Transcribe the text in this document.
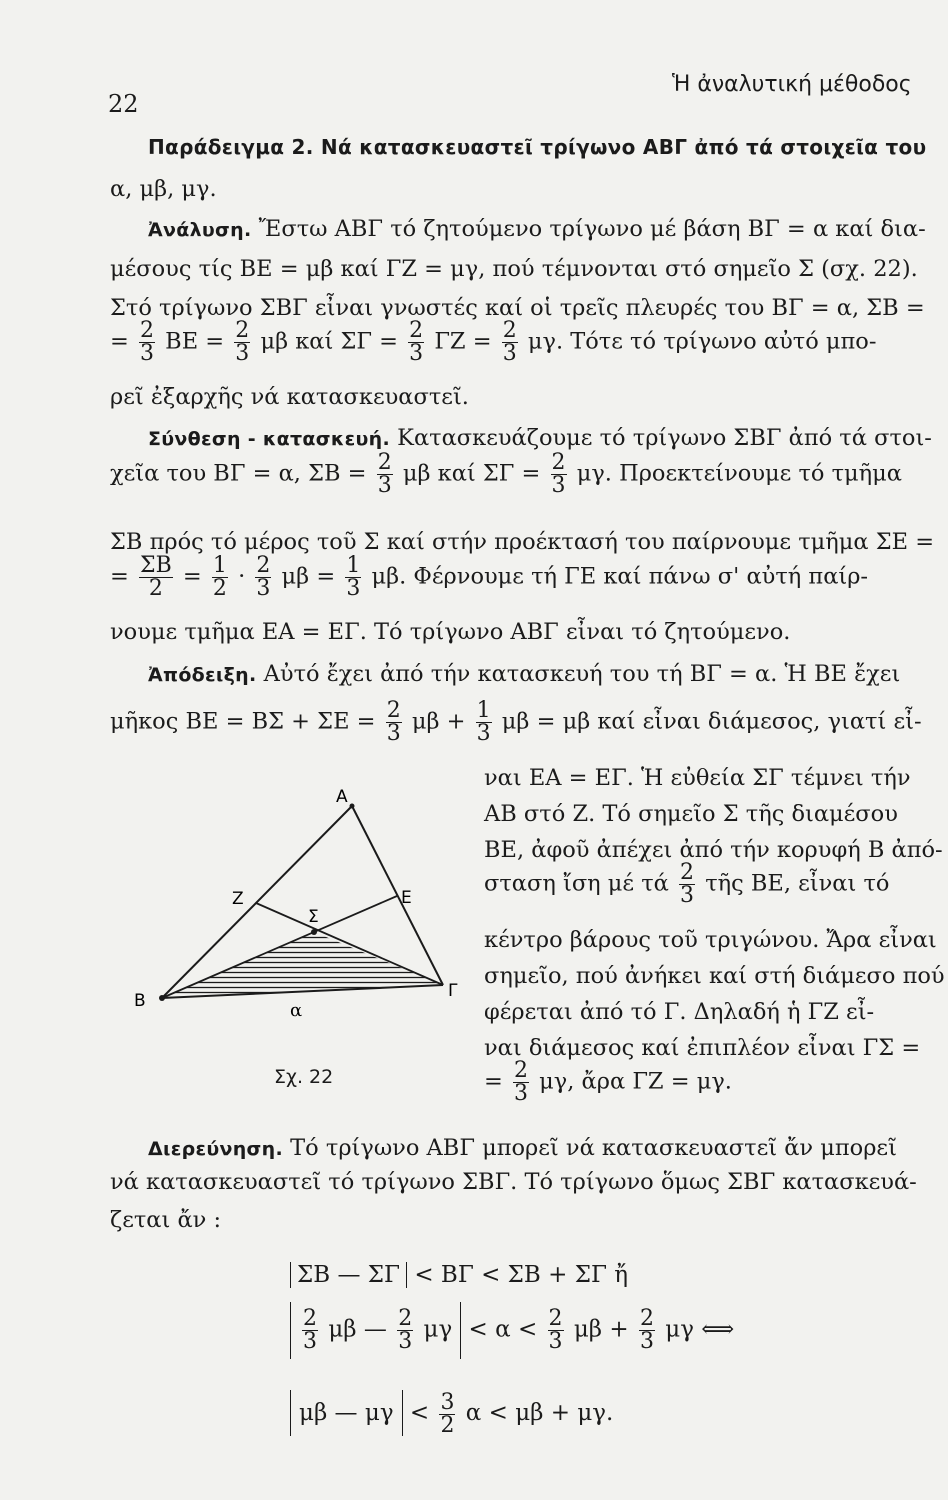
22
Ἡ ἀναλυτική μέθοδος
Παράδειγμα 2. Νά κατασκευαστεῖ τρίγωνο ΑΒΓ ἀπό τά στοιχεῖα του
α, μβ, μγ.
Ἀνάλυση. Ἔστω ΑΒΓ τό ζητούμενο τρίγωνο μέ βάση ΒΓ = α καί δια-
μέσους τίς ΒΕ = μβ καί ΓΖ = μγ, πού τέμνονται στό σημεῖο Σ (σχ. 22).
Στό τρίγωνο ΣΒΓ εἶναι γνωστές καί οἱ τρεῖς πλευρές του ΒΓ = α, ΣΒ =
= $\frac{2}{3}$ $BE = \frac{2}{3}$ μβ καί $\Sigma\Gamma = \frac{2}{3}$ $\Gamma Z = \frac{2}{3} \mu\gamma$. Τότε τό τρίγωνο αὐτό μπο-
ρεῖ ἐξαρχῆς νά κατασκευαστεῖ.
Σύνθεση - κατασκευή. Κατασκευάζουμε τό τρίγωνο ΣΒΓ ἀπό τά στοι-
χεῖα του ΒΓ = α, $\Sigma B = \frac{2}{3}$ μβ καί $\Sigma\Gamma = \frac{2}{3} \mu\gamma$. Προεκτείνουμε τό τμῆμα
ΣΒ πρός τό μέρος τοῦ Σ καί στήν προέκτασή του παίρνουμε τμῆμα ΣΕ =
= $\frac{\Sigma B}{2} = \frac{1}{2} \cdot \frac{2}{3}$ $\mu\beta = \frac{1}{3} \mu\beta$. Φέρνουμε τή ΓΕ καί πάνω σ' αὐτή παίρ-
νουμε τμῆμα ΕΑ = ΕΓ. Τό τρίγωνο ΑΒΓ εἶναι τό ζητούμενο.
Ἀπόδειξη. Αὐτό ἔχει ἀπό τήν κατασκευή του τή ΒΓ = α. Ἡ ΒΕ ἔχει
μῆκος $BE = B\Sigma + \Sigma E = \frac{2}{3}$ $\mu\beta + \frac{1}{3}$ μβ = μβ καί εἶναι διάμεσος, γιατί εἶ-
ναι ΕΑ = ΕΓ. Ἡ εὐθεία ΣΓ τέμνει τήν
ΑΒ στό Ζ. Τό σημεῖο Σ τῆς διαμέσου
ΒΕ, ἀφοῦ ἀπέχει ἀπό τήν κορυφή Β ἀπό-
σταση ἴση μέ τά $\frac{2}{3}$ τῆς ΒΕ, εἶναι τό
κέντρο βάρους τοῦ τριγώνου. Ἄρα εἶναι
σημεῖο, πού ἀνήκει καί στή διάμεσο πού
φέρεται ἀπό τό Γ. Δηλαδή ἡ ΓΖ εἶ-
ναι διάμεσος καί ἐπιπλέον εἶναι ΓΣ =
= $\frac{2}{3} \mu\gamma$, ἄρα ΓΖ = μγ.
Α
Β	Γ
Ζ	Ε
Σ
α
Σχ. 22
Διερεύνηση. Τό τρίγωνο ΑΒΓ μπορεῖ νά κατασκευαστεῖ ἄν μπορεῖ
νά κατασκευαστεῖ τό τρίγωνο ΣΒΓ. Τό τρίγωνο ὅμως ΣΒΓ κατασκευά-
ζεται ἄν :
ΣΒ — ΣΓ < ΒΓ < ΣΒ + ΣΓ ἤ
$\frac{2}{3}$ μβ — $\frac{2}{3}$ $\mu\gamma < \alpha < \frac{2}{3}$ $\mu\beta + \frac{2}{3}$ μγ ⟺
μβ — $\mu\gamma < \frac{3}{2}$ α < μβ + μγ.
